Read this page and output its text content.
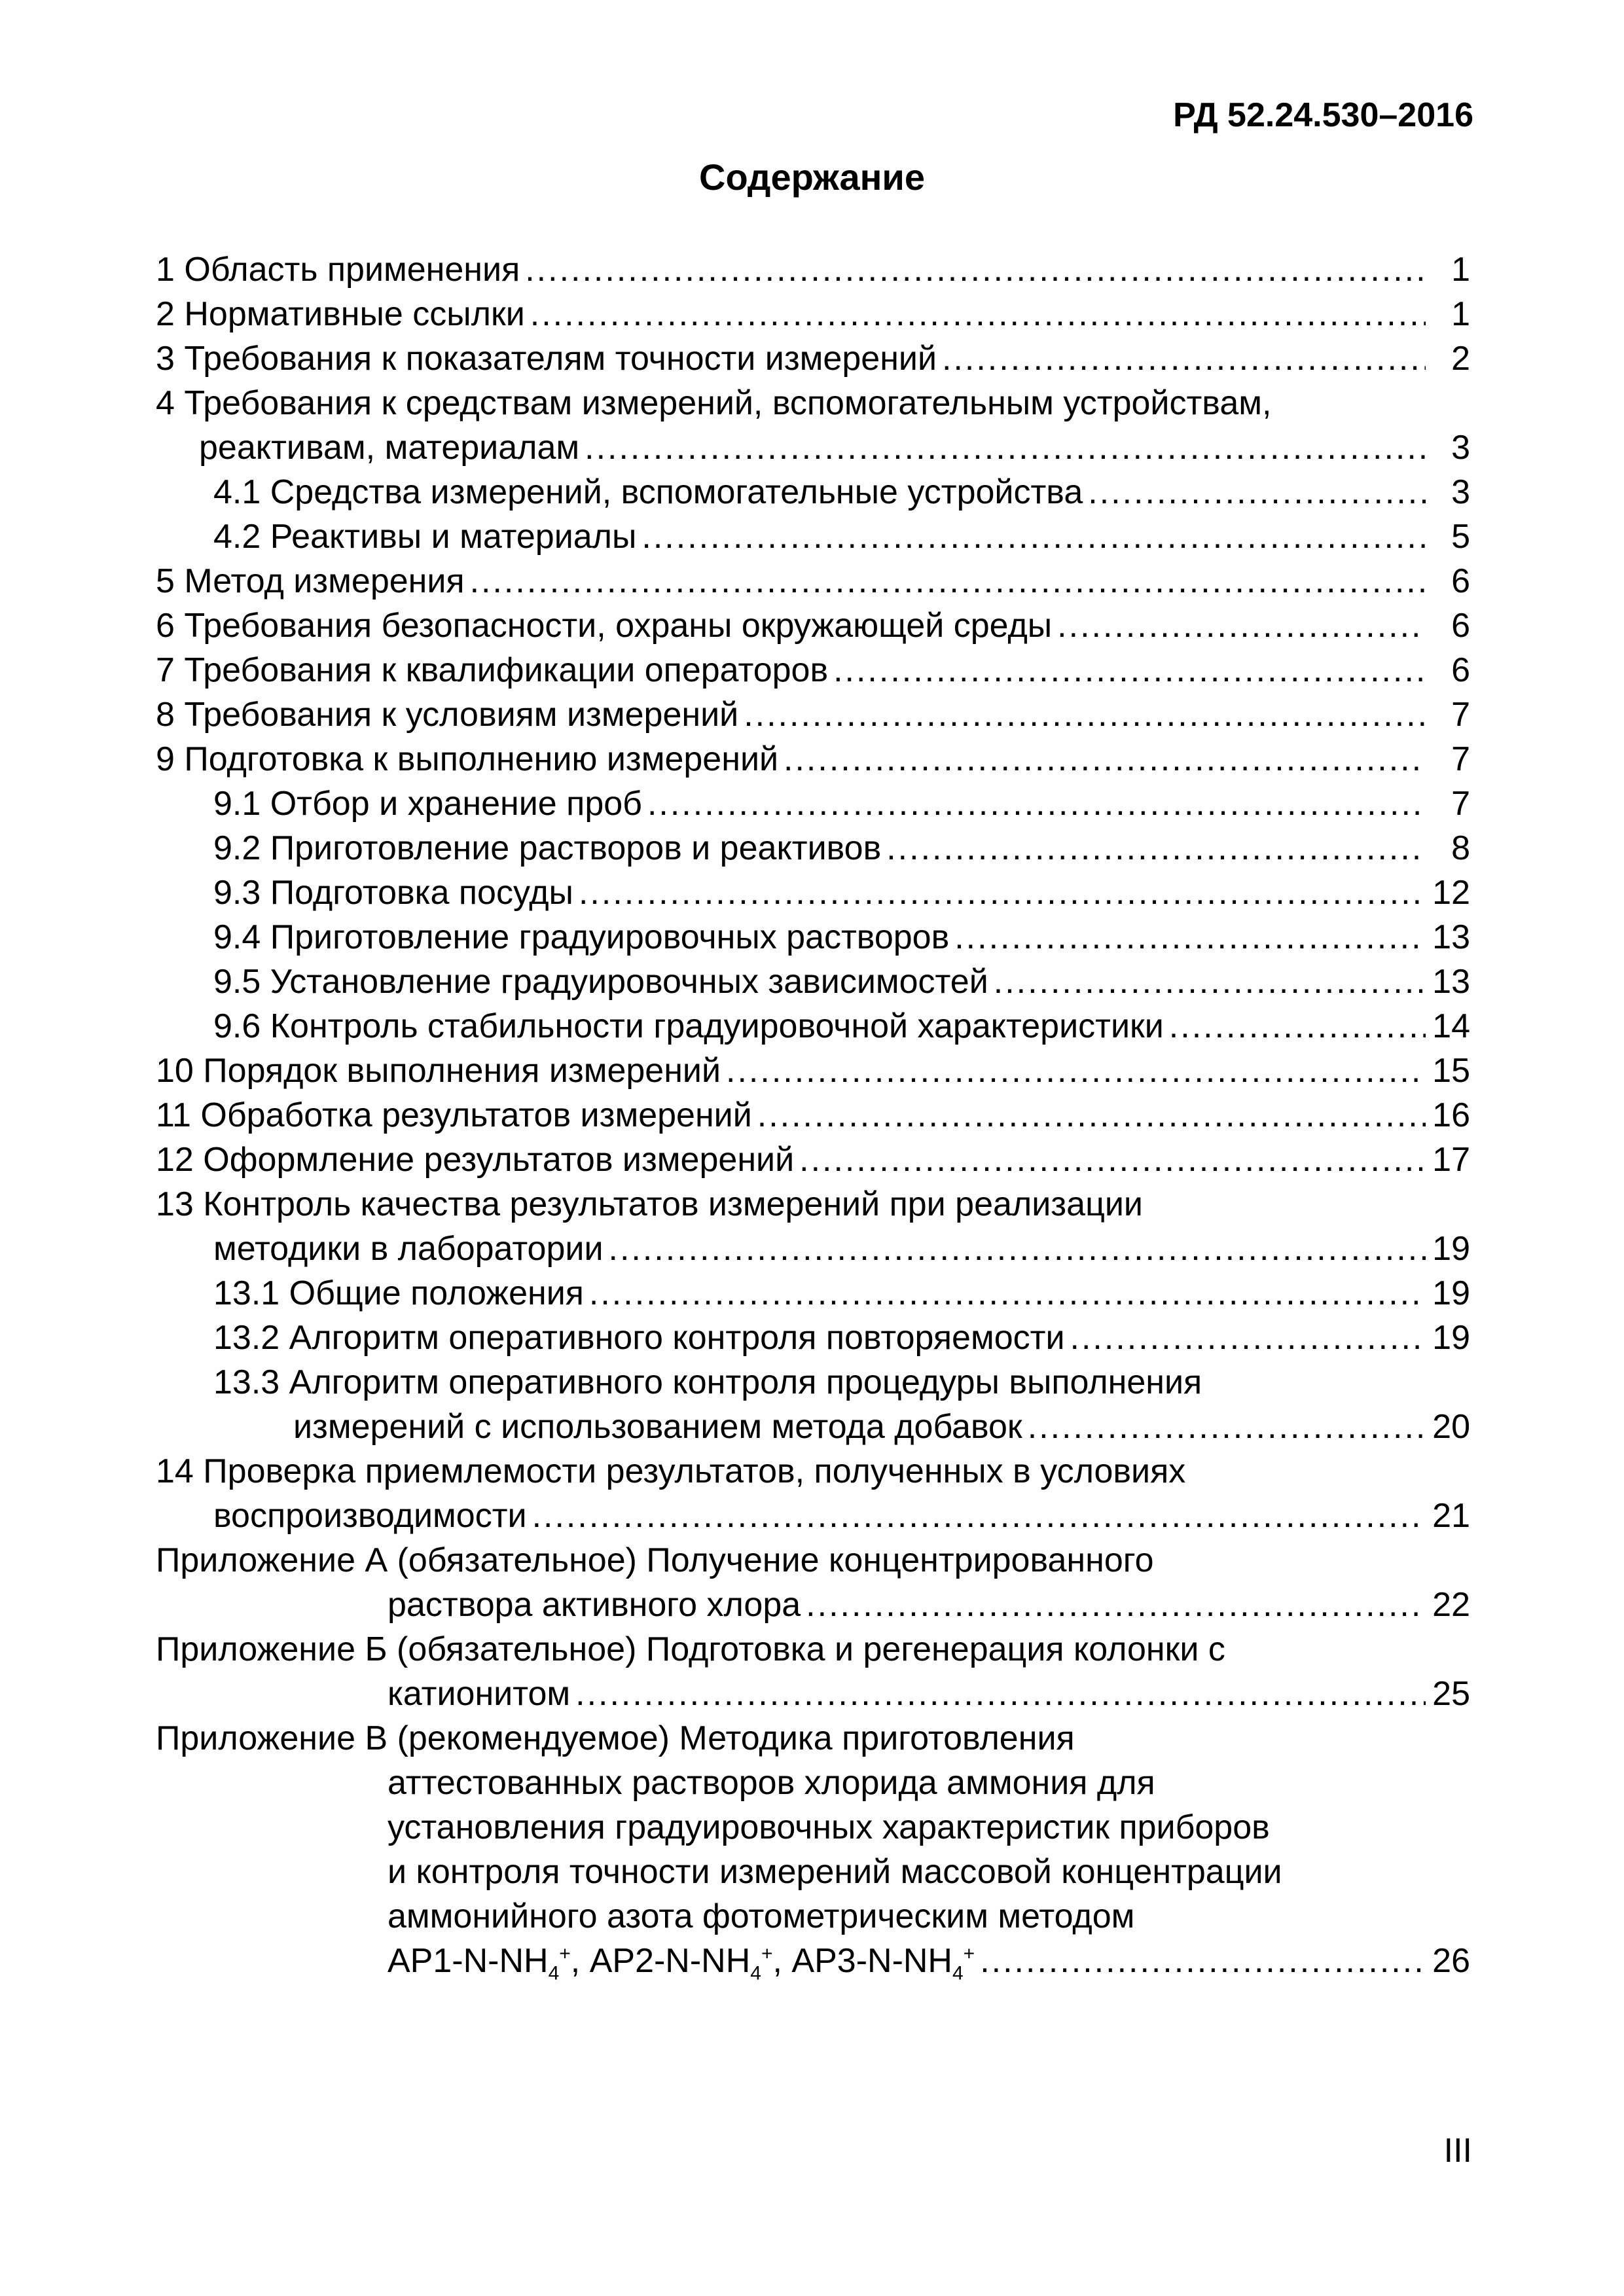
РД 52.24.530–2016
Содержание
1 Область применения .....	1
2 Нормативные ссылки .....	1
3 Требования к показателям точности измерений .....	2
4 Требования к средствам измерений, вспомогательным устройствам,
реактивам, материалам .....	3
4.1 Средства измерений, вспомогательные устройства .....	3
4.2 Реактивы и материалы .....	5
5 Метод измерения .....	6
6 Требования безопасности, охраны окружающей среды .....	6
7 Требования к квалификации операторов .....	6
8 Требования к условиям измерений .....	7
9 Подготовка к выполнению измерений .....	7
9.1 Отбор и хранение проб .....	7
9.2 Приготовление растворов и реактивов .....	8
9.3 Подготовка посуды .....	12
9.4 Приготовление градуировочных растворов .....	13
9.5 Установление градуировочных зависимостей .....	13
9.6 Контроль стабильности градуировочной характеристики .....	14
10 Порядок выполнения измерений .....	15
11 Обработка результатов измерений .....	16
12 Оформление результатов измерений .....	17
13 Контроль качества результатов измерений при реализации
методики в лаборатории .....	19
13.1 Общие положения .....	19
13.2 Алгоритм оперативного контроля повторяемости .....	19
13.3 Алгоритм оперативного контроля процедуры выполнения
измерений с использованием метода добавок .....	20
14 Проверка приемлемости результатов, полученных в условиях
воспроизводимости .....	21
Приложение А (обязательное) Получение концентрированного
раствора активного хлора .....	22
Приложение Б (обязательное) Подготовка и регенерация колонки с
катионитом .....	25
Приложение В (рекомендуемое) Методика приготовления
аттестованных растворов хлорида аммония для
установления градуировочных характеристик приборов
и контроля точности измерений массовой концентрации
аммонийного азота фотометрическим методом
$АР1-N-NH_4^+$, $АР2-N-NH_4^+$, $АР3-N-NH_4^+$ .....	26
III
